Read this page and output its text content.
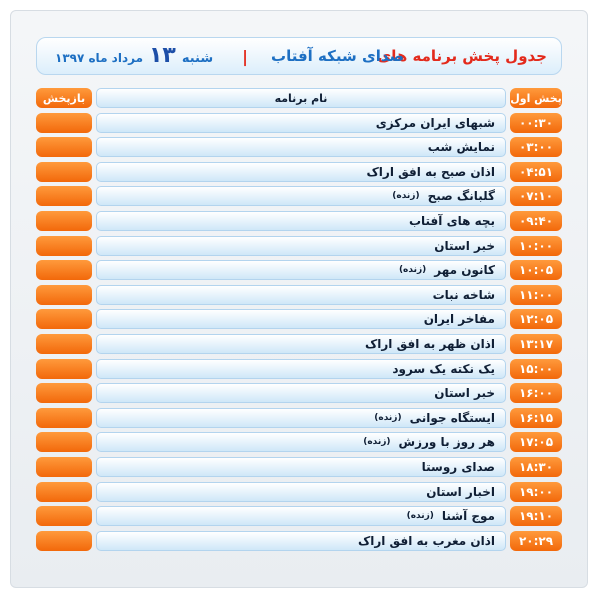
جدول پخش برنامه های
صدای شبکه آفتاب
|
شنبه
۱۳
مرداد ماه ۱۳۹۷
پخش اول
نام برنامه
بازپخش
۰۰:۳۰
شبهای ایران مرکزی
۰۳:۰۰
نمایش شب
۰۴:۵۱
اذان صبح به افق اراک
۰۷:۱۰
گلبانگ صبح
(زنده)
۰۹:۴۰
بچه های آفتاب
۱۰:۰۰
خبر استان
۱۰:۰۵
کانون مهر
(زنده)
۱۱:۰۰
شاخه نبات
۱۲:۰۵
مفاخر ایران
۱۳:۱۷
اذان ظهر به افق اراک
۱۵:۰۰
یک نکته یک سرود
۱۶:۰۰
خبر استان
۱۶:۱۵
ایستگاه جوانی
(زنده)
۱۷:۰۵
هر روز با ورزش
(زنده)
۱۸:۳۰
صدای روستا
۱۹:۰۰
اخبار استان
۱۹:۱۰
موج آشنا
(زنده)
۲۰:۲۹
اذان مغرب به افق اراک
